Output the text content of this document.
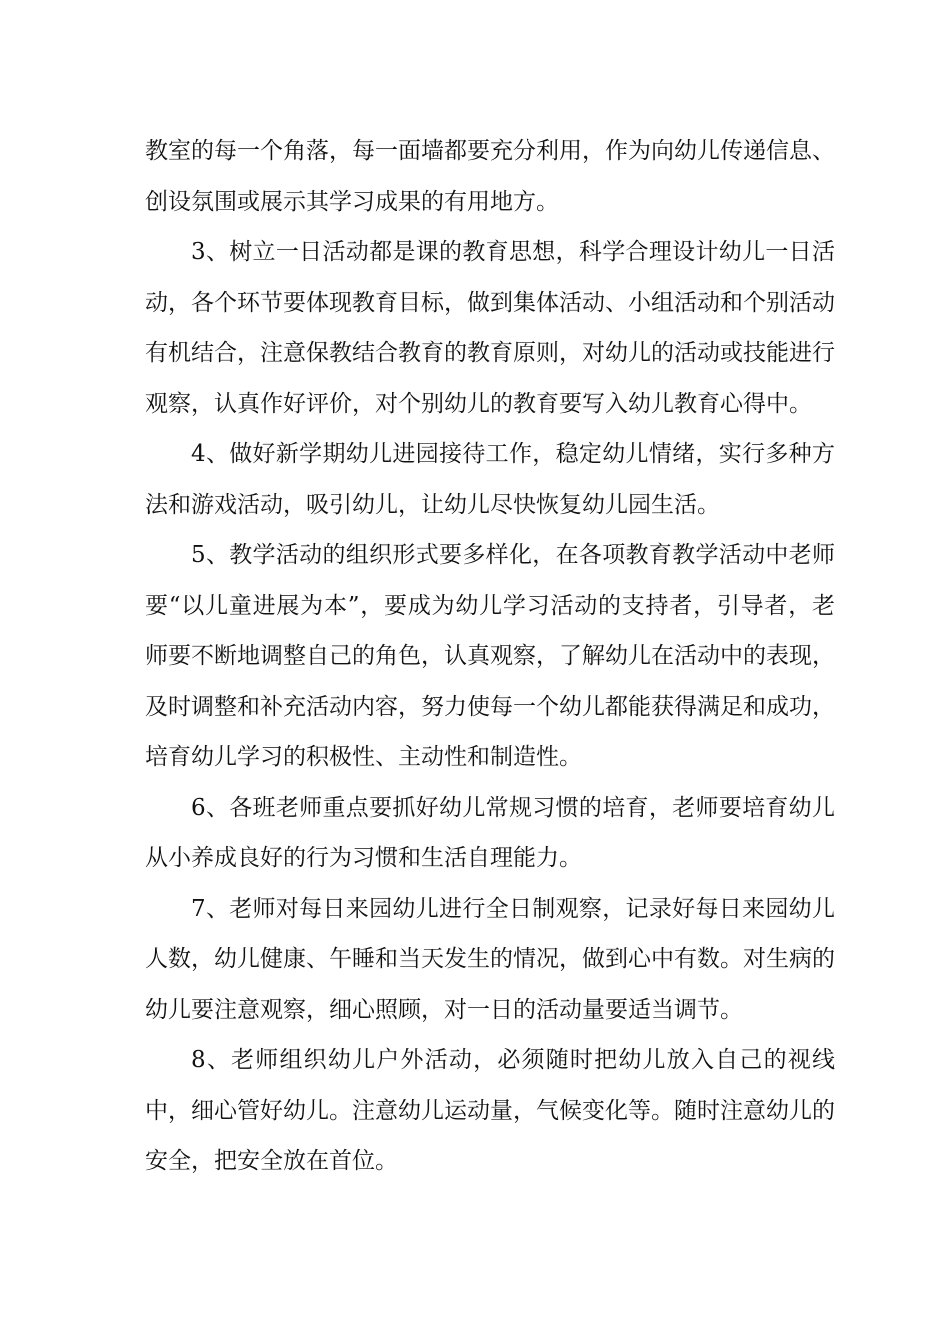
教室的每一个角落，每一面墙都要充分利用，作为向幼儿传递信息、创设氛围或展示其学习成果的有用地方。

3、树立一日活动都是课的教育思想，科学合理设计幼儿一日活动，各个环节要体现教育目标，做到集体活动、小组活动和个别活动有机结合，注意保教结合教育的教育原则，对幼儿的活动或技能进行观察，认真作好评价，对个别幼儿的教育要写入幼儿教育心得中。

4、做好新学期幼儿进园接待工作，稳定幼儿情绪，实行多种方法和游戏活动，吸引幼儿，让幼儿尽快恢复幼儿园生活。

5、教学活动的组织形式要多样化，在各项教育教学活动中老师要“以儿童进展为本”，要成为幼儿学习活动的支持者，引导者，老师要不断地调整自己的角色，认真观察，了解幼儿在活动中的表现，及时调整和补充活动内容，努力使每一个幼儿都能获得满足和成功，培育幼儿学习的积极性、主动性和制造性。

6、各班老师重点要抓好幼儿常规习惯的培育，老师要培育幼儿从小养成良好的行为习惯和生活自理能力。

7、老师对每日来园幼儿进行全日制观察，记录好每日来园幼儿人数，幼儿健康、午睡和当天发生的情况，做到心中有数。对生病的幼儿要注意观察，细心照顾，对一日的活动量要适当调节。

8、老师组织幼儿户外活动，必须随时把幼儿放入自己的视线中，细心管好幼儿。注意幼儿运动量，气候变化等。随时注意幼儿的安全，把安全放在首位。
